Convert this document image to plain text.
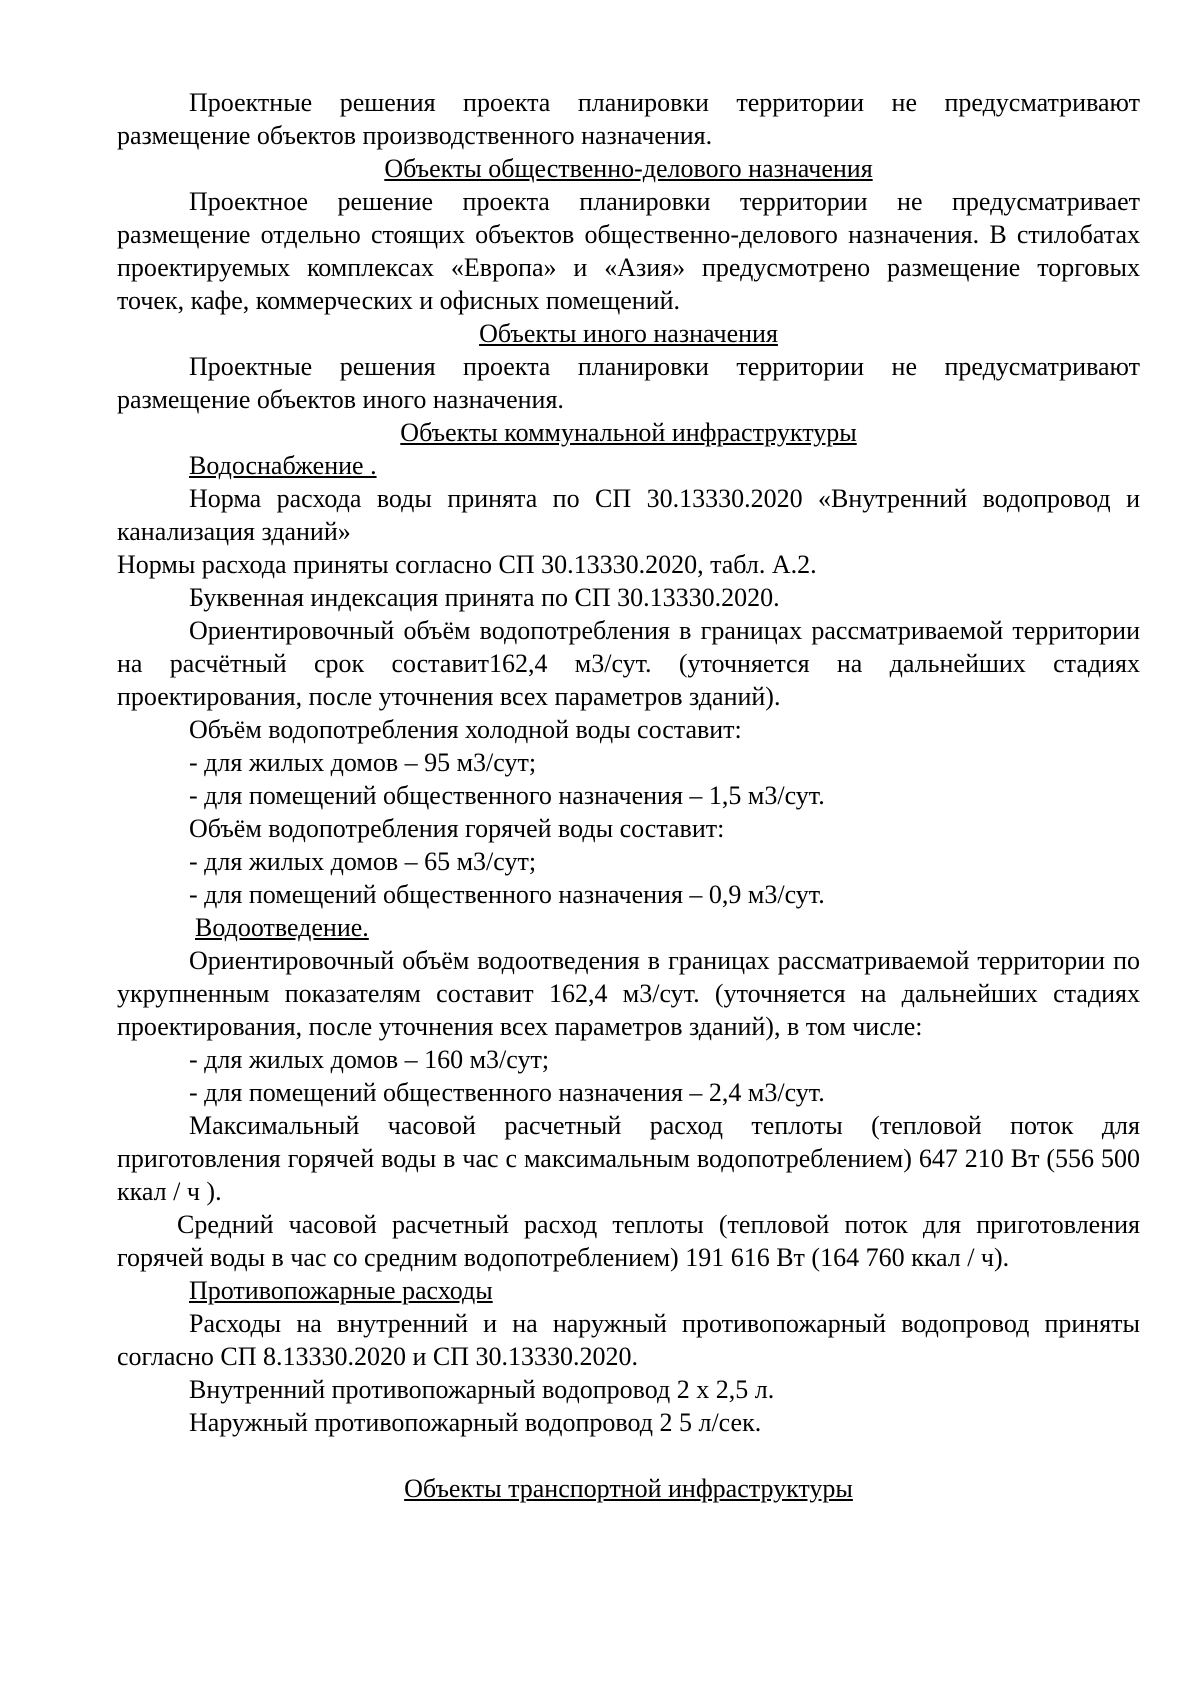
Проектные решения проекта планировки территории не предусматривают размещение объектов производственного назначения.

Объекты общественно-делового назначения

Проектное решение проекта планировки территории не предусматривает размещение отдельно стоящих объектов общественно-делового назначения. В стилобатах проектируемых комплексах «Европа» и «Азия» предусмотрено размещение торговых точек, кафе, коммерческих и офисных помещений.

Объекты иного назначения

Проектные решения проекта планировки территории не предусматривают размещение объектов иного назначения.

Объекты коммунальной инфраструктуры

Водоснабжение .

Норма расхода воды принята по СП 30.13330.2020 «Внутренний водопровод и канализация зданий»

Нормы расхода приняты согласно СП 30.13330.2020, табл. А.2.

Буквенная индексация принята по СП 30.13330.2020.

Ориентировочный объём водопотребления в границах рассматриваемой территории на расчётный срок составит162,4 м3/сут. (уточняется на дальнейших стадиях проектирования, после уточнения всех параметров зданий).

Объём водопотребления холодной воды составит:

- для жилых домов – 95 м3/сут;

- для помещений общественного назначения – 1,5 м3/сут.

Объём водопотребления горячей воды составит:

- для жилых домов – 65 м3/сут;

- для помещений общественного назначения – 0,9 м3/сут.

Водоотведение.

Ориентировочный объём водоотведения в границах рассматриваемой территории по укрупненным показателям составит 162,4 м3/сут. (уточняется на дальнейших стадиях проектирования, после уточнения всех параметров зданий), в том числе:

- для жилых домов – 160 м3/сут;

- для помещений общественного назначения – 2,4 м3/сут.

Максимальный часовой расчетный расход теплоты (тепловой поток для приготовления горячей воды в час с максимальным водопотреблением) 647 210 Вт (556 500 ккал / ч ).

Средний часовой расчетный расход теплоты (тепловой поток для приготовления горячей воды в час со средним водопотреблением) 191 616 Вт (164 760 ккал / ч).

Противопожарные расходы

Расходы на внутренний и на наружный противопожарный водопровод приняты согласно СП 8.13330.2020 и СП 30.13330.2020.

Внутренний противопожарный водопровод 2 х 2,5 л.

Наружный противопожарный водопровод 2 5 л/сек.

Объекты транспортной инфраструктуры
